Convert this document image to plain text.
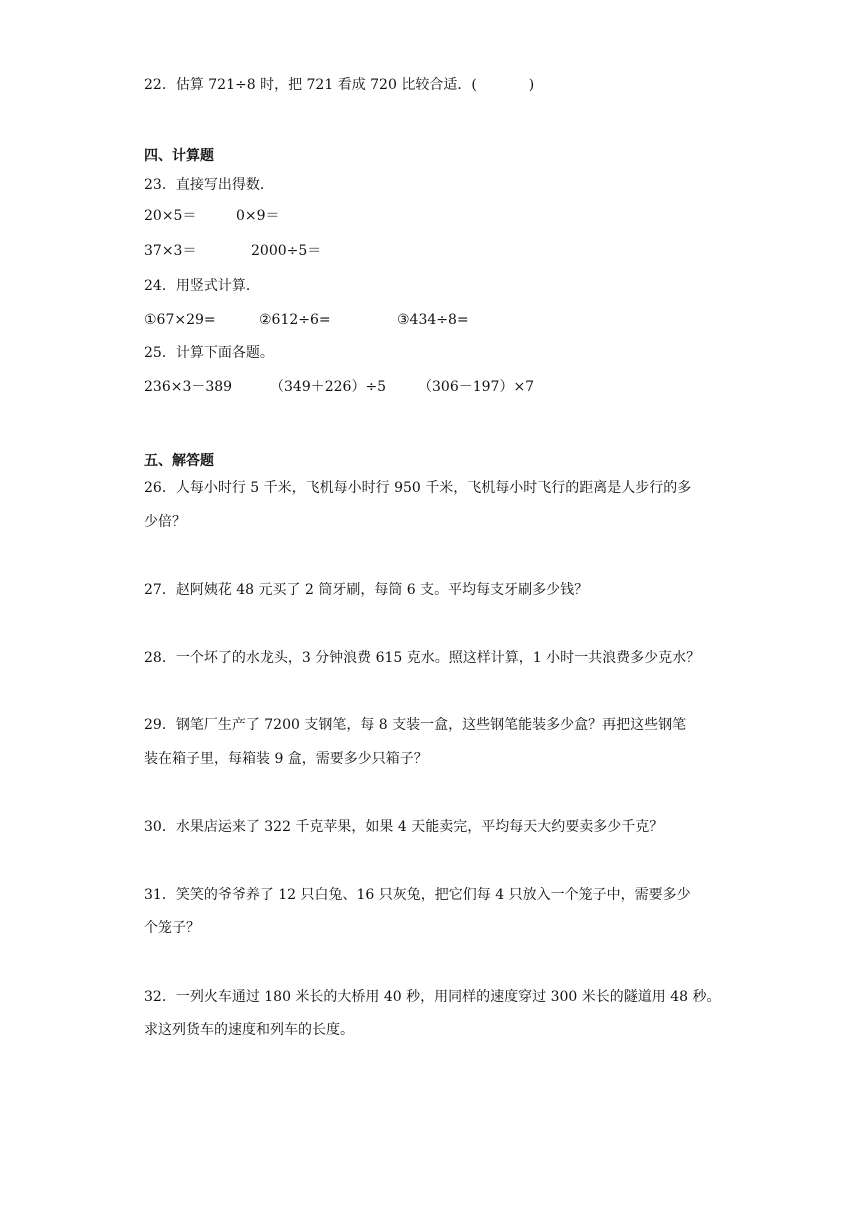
22．估算 721÷8 时，把 721 看成 720 比较合适．(	)
四、计算题
23．直接写出得数．
20×5＝	0×9＝
37×3＝	2000÷5＝
24．用竖式计算．
①67×29=	②612÷6=	③434÷8=
25．计算下面各题。
236×3－389	（349＋226）÷5 （306－197）×7
五、解答题
26．人每小时行 5 千米，飞机每小时行 950 千米，飞机每小时飞行的距离是人步行的多
少倍？
27．赵阿姨花 48 元买了 2 筒牙刷，每筒 6 支。平均每支牙刷多少钱？
28．一个坏了的水龙头，3 分钟浪费 615 克水。照这样计算，1 小时一共浪费多少克水？
29．钢笔厂生产了 7200 支钢笔，每 8 支装一盒，这些钢笔能装多少盒？再把这些钢笔
装在箱子里，每箱装 9 盒，需要多少只箱子？
30．水果店运来了 322 千克苹果，如果 4 天能卖完，平均每天大约要卖多少千克？
31．笑笑的爷爷养了 12 只白兔、16 只灰兔，把它们每 4 只放入一个笼子中，需要多少
个笼子？
32．一列火车通过 180 米长的大桥用 40 秒，用同样的速度穿过 300 米长的隧道用 48 秒。
求这列货车的速度和列车的长度。
